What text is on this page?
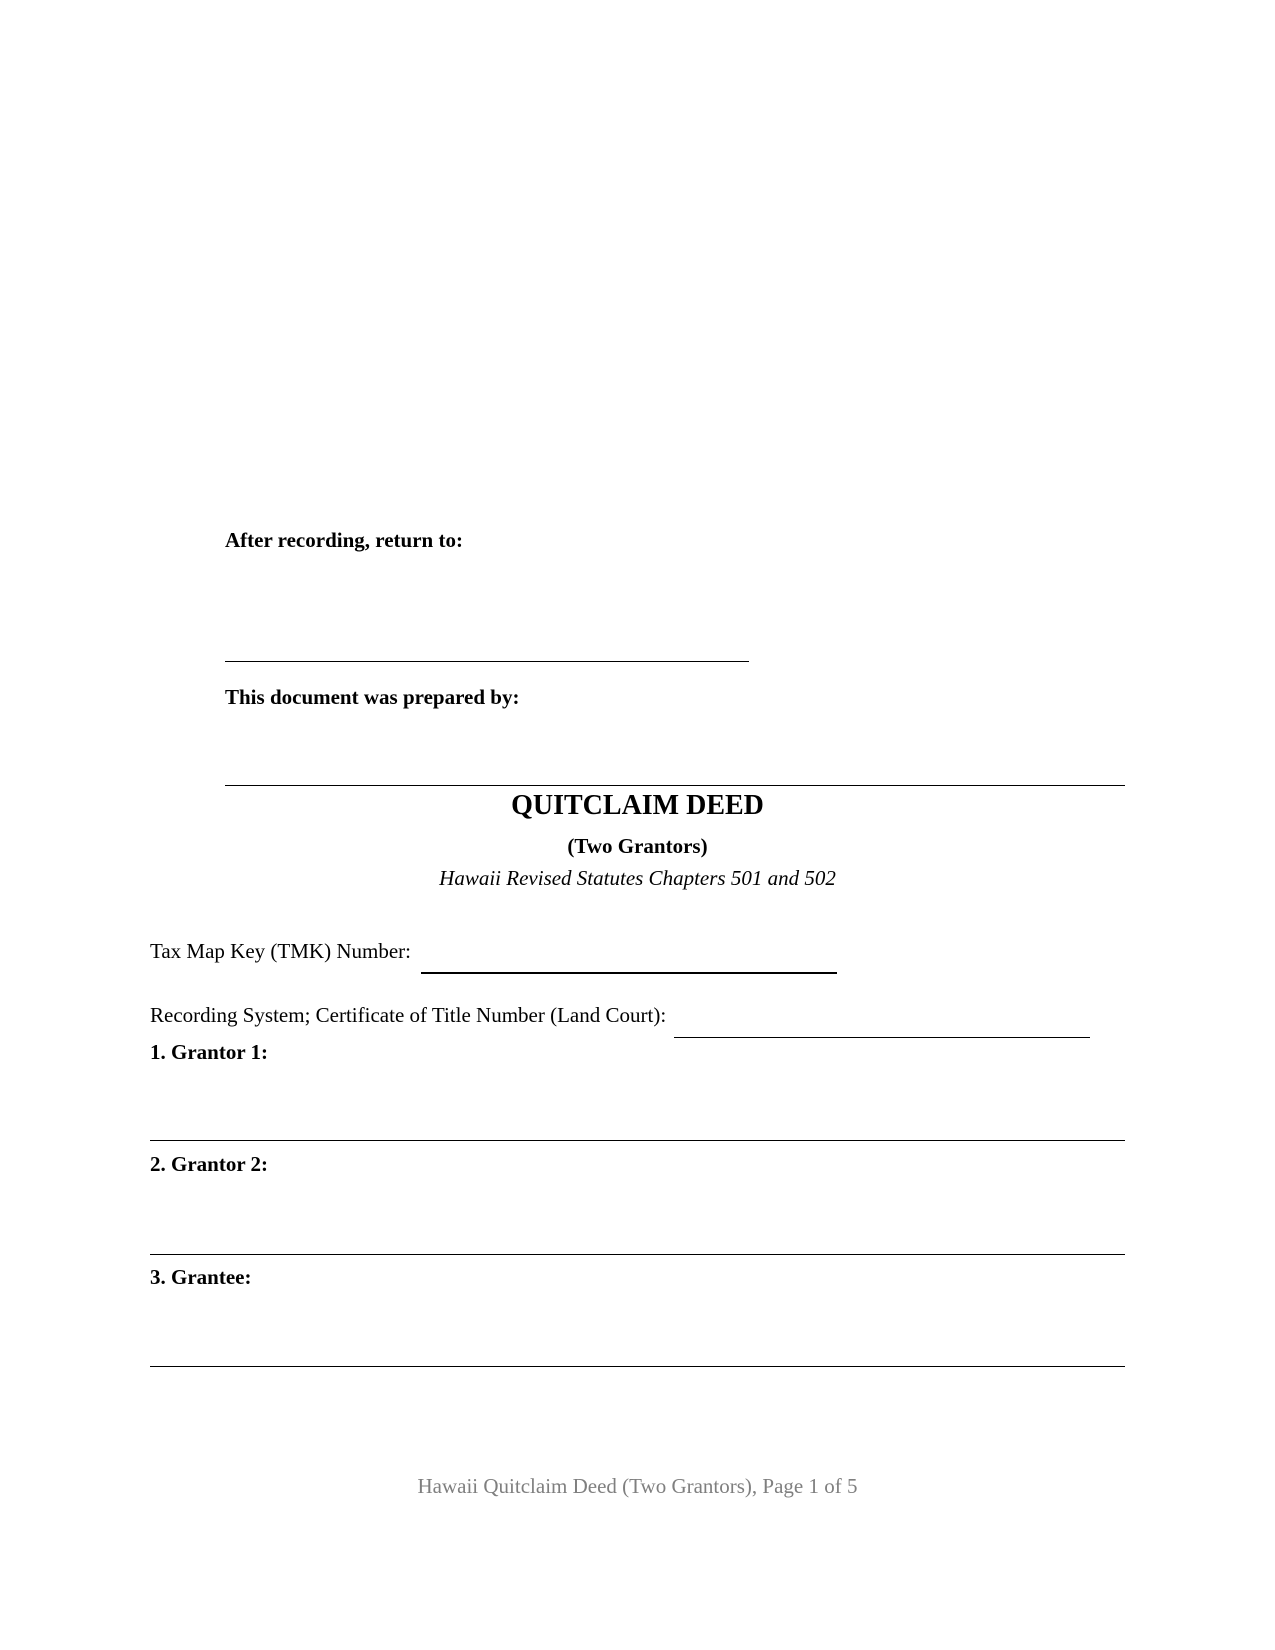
After recording, return to:
This document was prepared by:
QUITCLAIM DEED
(Two Grantors)
Hawaii Revised Statutes Chapters 501 and 502
Tax Map Key (TMK) Number:
Recording System; Certificate of Title Number (Land Court):
1. Grantor 1:
2. Grantor 2:
3. Grantee:
Hawaii Quitclaim Deed (Two Grantors), Page 1 of 5
